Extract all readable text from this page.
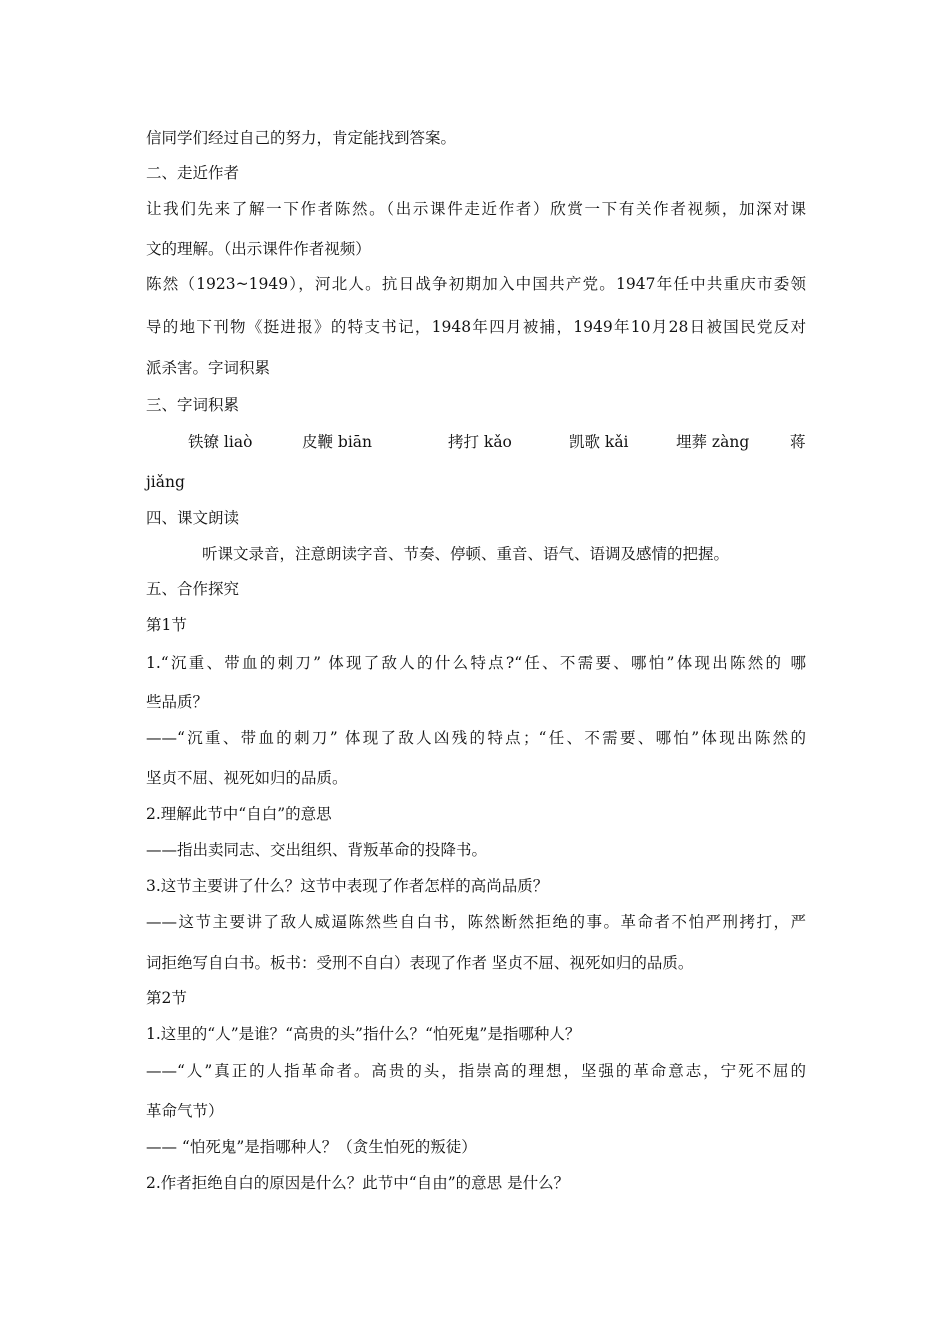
信同学们经过自己的努力，肯定能找到答案。
二、走近作者
让我们先来了解一下作者陈然。（出示课件走近作者）欣赏一下有关作者视频，加深对课
文的理解。（出示课件作者视频）
陈然（1923~1949），河北人。抗日战争初期加入中国共产党。1947年任中共重庆市委领
导的地下刊物《挺进报》的特支书记，1948年四月被捕，1949年10月28日被国民党反对
派杀害。字词积累
三、字词积累
铁镣 liaò	皮鞭 biān	拷打 kǎo	凯歌 kǎi	埋葬 zàng	蒋
jiǎng
四、课文朗读
听课文录音，注意朗读字音、节奏、停顿、重音、语气、语调及感情的把握。
五、合作探究
第1节
1.“沉重、带血的刺刀” 体现了敌人的什么特点?“任、不需要、哪怕”体现出陈然的 哪
些品质？
——“沉重、带血的刺刀” 体现了敌人凶残的特点；“任、不需要、哪怕”体现出陈然的
坚贞不屈、视死如归的品质。
2.理解此节中“自白”的意思
——指出卖同志、交出组织、背叛革命的投降书。
3.这节主要讲了什么？这节中表现了作者怎样的高尚品质？
——这节主要讲了敌人威逼陈然些自白书，陈然断然拒绝的事。革命者不怕严刑拷打，严
词拒绝写自白书。板书：受刑不自白）表现了作者 坚贞不屈、视死如归的品质。
第2节
1.这里的“人”是谁？“高贵的头”指什么？“怕死鬼”是指哪种人？
——“人”真正的人指革命者。高贵的头，指崇高的理想，坚强的革命意志，宁死不屈的
革命气节）
—— “怕死鬼”是指哪种人？（贪生怕死的叛徒）
2.作者拒绝自白的原因是什么？此节中“自由”的意思 是什么？
